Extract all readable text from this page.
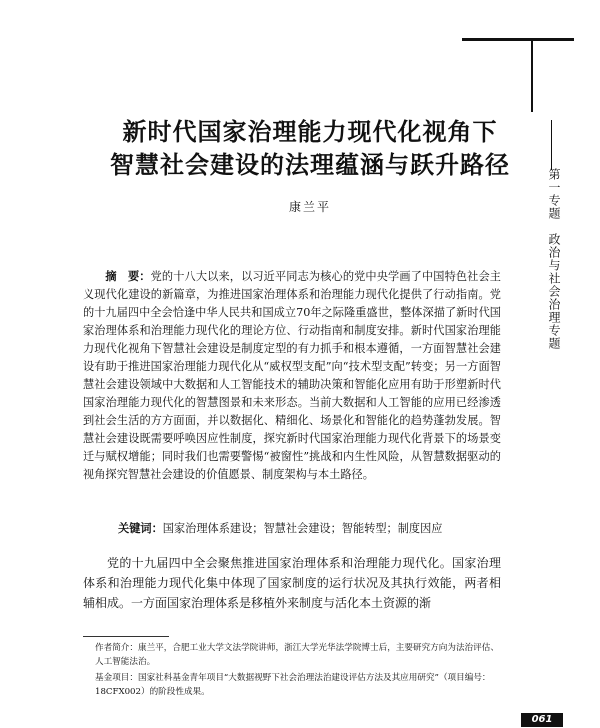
新时代国家治理能力现代化视角下
智慧社会建设的法理蕴涵与跃升路径
康兰平

摘　要：党的十八大以来，以习近平同志为核心的党中央学画了中国特色社会主义现代化建设的新篇章，为推进国家治理体系和治理能力现代化提供了行动指南。党的十九届四中全会恰逢中华人民共和国成立70年之际隆重盛世，整体深描了新时代国家治理体系和治理能力现代化的理论方位、行动指南和制度安排。新时代国家治理能力现代化视角下智慧社会建设是制度定型的有力抓手和根本遵循，一方面智慧社会建设有助于推进国家治理能力现代化从“威权型支配”向“技术型支配”转变；另一方面智慧社会建设领域中大数据和人工智能技术的辅助决策和智能化应用有助于形塑新时代国家治理能力现代化的智慧图景和未来形态。当前大数据和人工智能的应用已经渗透到社会生活的方方面面，并以数据化、精细化、场景化和智能化的趋势蓬勃发展。智慧社会建设既需要呼唤因应性制度，探究新时代国家治理能力现代化背景下的场景变迁与赋权增能；同时我们也需要警惕“被窗性”挑战和内生性风险，从智慧数据驱动的视角探究智慧社会建设的价值愿景、制度架构与本土路径。

关键词：国家治理体系建设；智慧社会建设；智能转型；制度因应

党的十九届四中全会聚焦推进国家治理体系和治理能力现代化。国家治理体系和治理能力现代化集中体现了国家制度的运行状况及其执行效能，两者相辅相成。一方面国家治理体系是移植外来制度与活化本土资源的渐

作者简介：康兰平，合肥工业大学文法学院讲师，浙江大学光华法学院博士后，主要研究方向为法治评估、人工智能法治。

基金项目：国家社科基金青年项目“大数据视野下社会治理法治建设评估方法及其应用研究”（项目编号：18CFX002）的阶段性成果。

第一专题　政治与社会治理专题
061
